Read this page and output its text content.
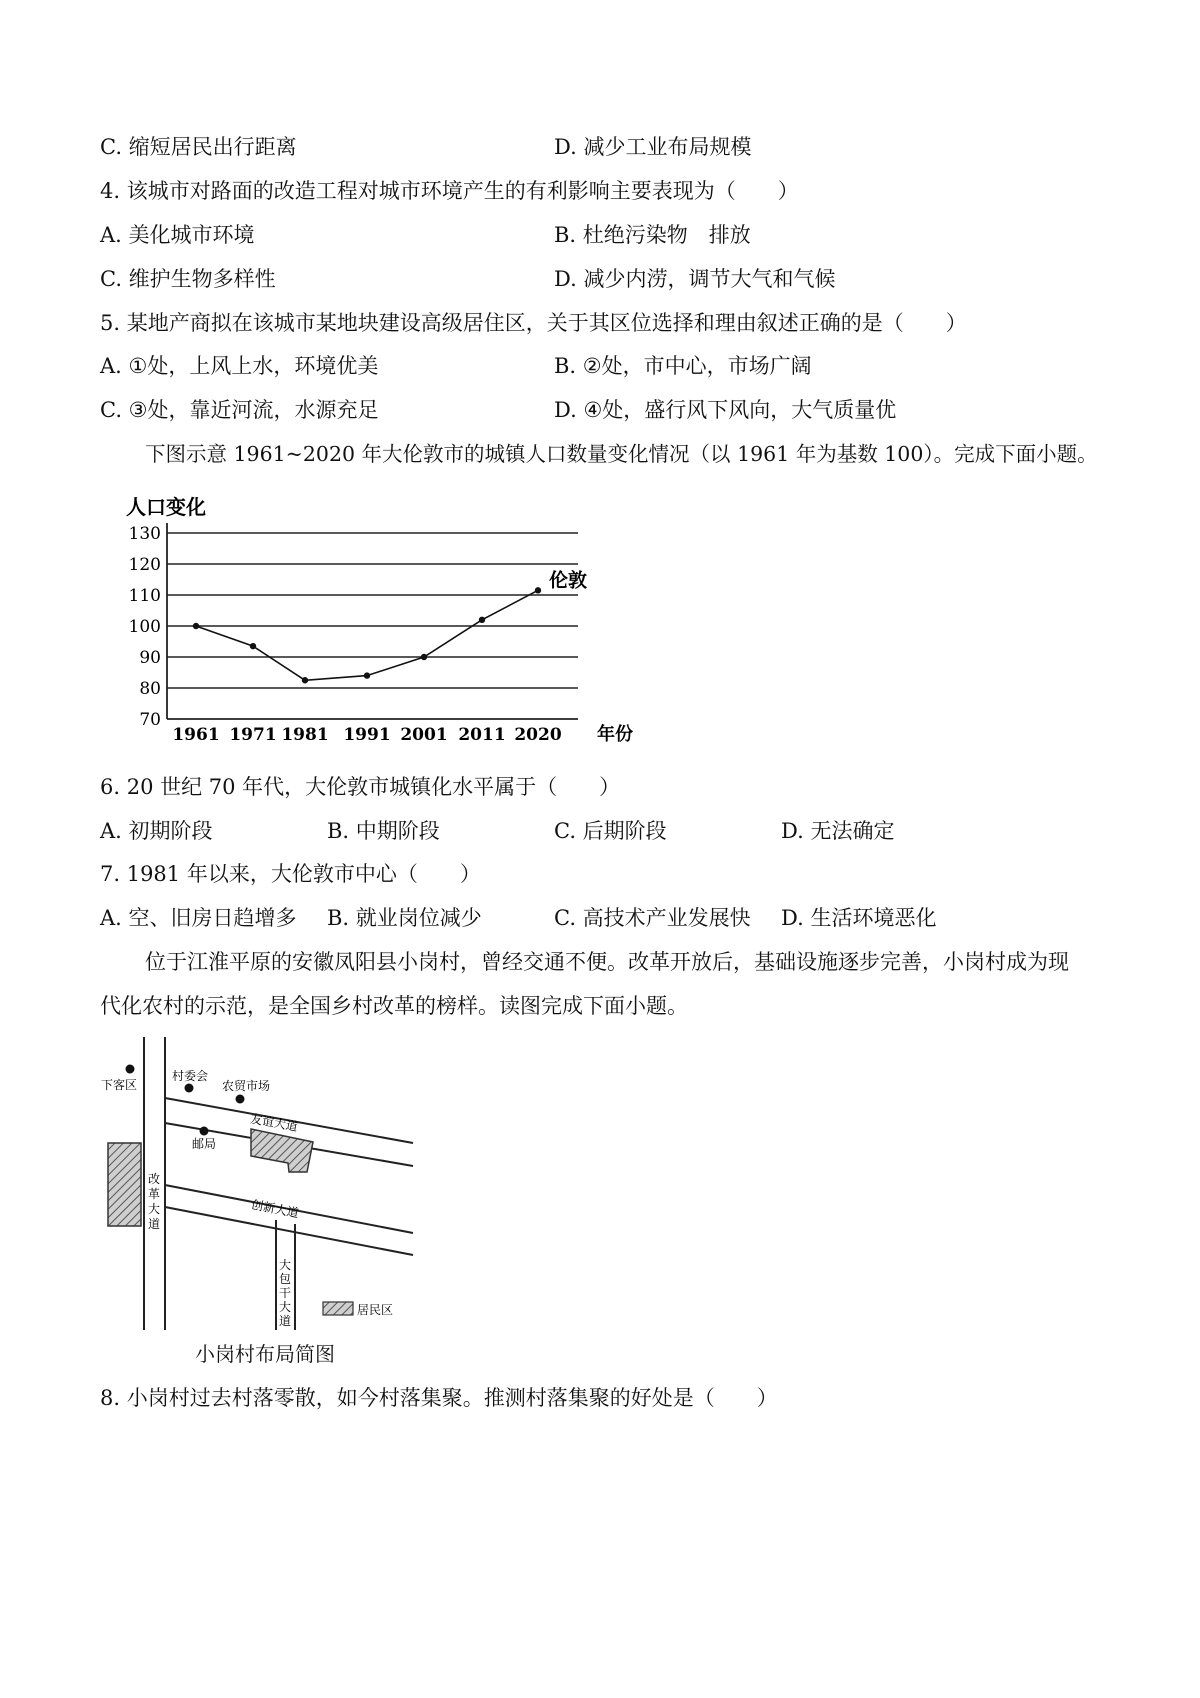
C. 缩短居民出行距离	D. 减少工业布局规模
4. 该城市对路面的改造工程对城市环境产生的有利影响主要表现为（　　）
A. 美化城市环境	B. 杜绝污染物　排放
C. 维护生物多样性	D. 减少内涝，调节大气和气候
5. 某地产商拟在该城市某地块建设高级居住区，关于其区位选择和理由叙述正确的是（　　）
A. ①处，上风上水，环境优美	B. ②处，市中心，市场广阔
C. ③处，靠近河流，水源充足	D. ④处，盛行风下风向，大气质量优
下图示意 1961~2020 年大伦敦市的城镇人口数量变化情况（以 1961 年为基数 100）。完成下面小题。
70
80
90
100
110
120
130
1961 1971 1981 1991 2001 2011 2020
伦敦
人口变化
年份
6. 20 世纪 70 年代，大伦敦市城镇化水平属于（　　）
A. 初期阶段	B. 中期阶段	C. 后期阶段	D. 无法确定
7. 1981 年以来，大伦敦市中心（　　）
A. 空、旧房日趋增多 B. 就业岗位减少	C. 高技术产业发展快 D. 生活环境恶化
位于江淮平原的安徽凤阳县小岗村，曾经交通不便。改革开放后，基础设施逐步完善，小岗村成为现
代化农村的示范，是全国乡村改革的榜样。读图完成下面小题。
下客区
村委会
农贸市场
邮局
友谊大道
创新大道
改
革
大
道
大
包
干
大
道
居民区
小岗村布局简图
8. 小岗村过去村落零散，如今村落集聚。推测村落集聚的好处是（　　）
